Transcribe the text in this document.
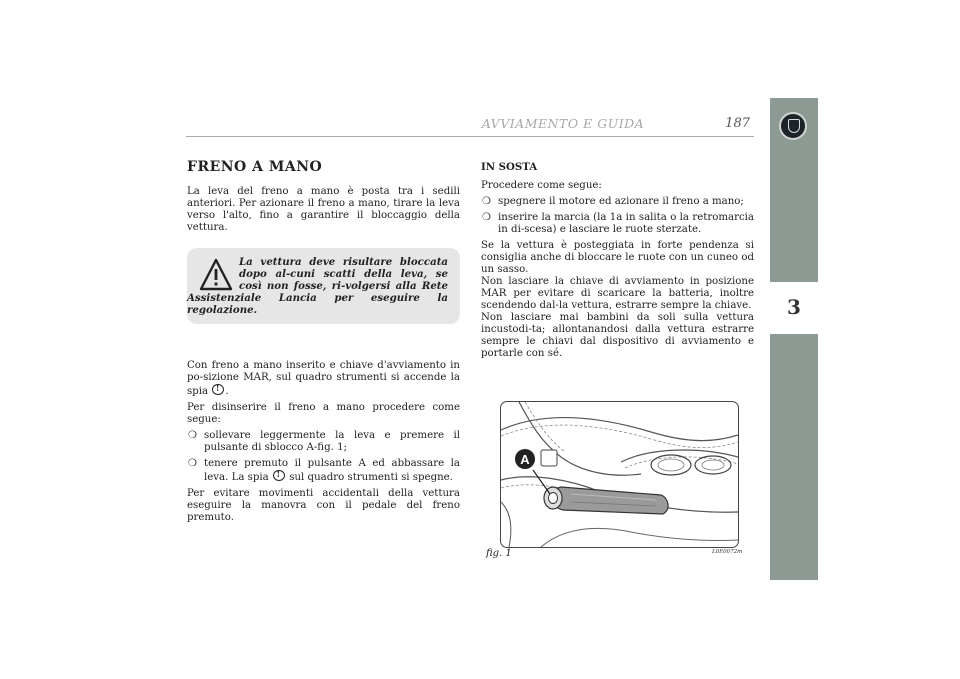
AVVIAMENTO E GUIDA	187
3
FRENO A MANO

La leva del freno a mano è posta tra i sedili anteriori. Per azionare il freno a mano, tirare la leva verso l'alto, fino a garantire il bloccaggio della vettura.

La vettura deve risultare bloccata dopo al-cuni scatti della leva, se così non fosse, ri-volgersi alla Rete Assistenziale Lancia per eseguire la regolazione.

Con freno a mano inserito e chiave d'avviamento in po-sizione MAR, sul quadro strumenti si accende la spia ! .

Per disinserire il freno a mano procedere come segue:

❍ sollevare leggermente la leva e premere il pulsante di sblocco A-fig. 1;
❍ tenere premuto il pulsante A ed abbassare la leva. La spia ! sul quadro strumenti si spegne.

Per evitare movimenti accidentali della vettura eseguire la manovra con il pedale del freno premuto.

IN SOSTA

Procedere come segue:

❍ spegnere il motore ed azionare il freno a mano;
❍ inserire la marcia (la 1a in salita o la retromarcia in di-scesa) e lasciare le ruote sterzate.

Se la vettura è posteggiata in forte pendenza si consiglia anche di bloccare le ruote con un cuneo od un sasso.

Non lasciare la chiave di avviamento in posizione MAR per evitare di scaricare la batteria, inoltre scendendo dal-la vettura, estrarre sempre la chiave.

Non lasciare mai bambini da soli sulla vettura incustodi-ta; allontanandosi dalla vettura estrarre sempre le chiavi dal dispositivo di avviamento e portarle con sé.

A
fig. 1	L0E0072m
